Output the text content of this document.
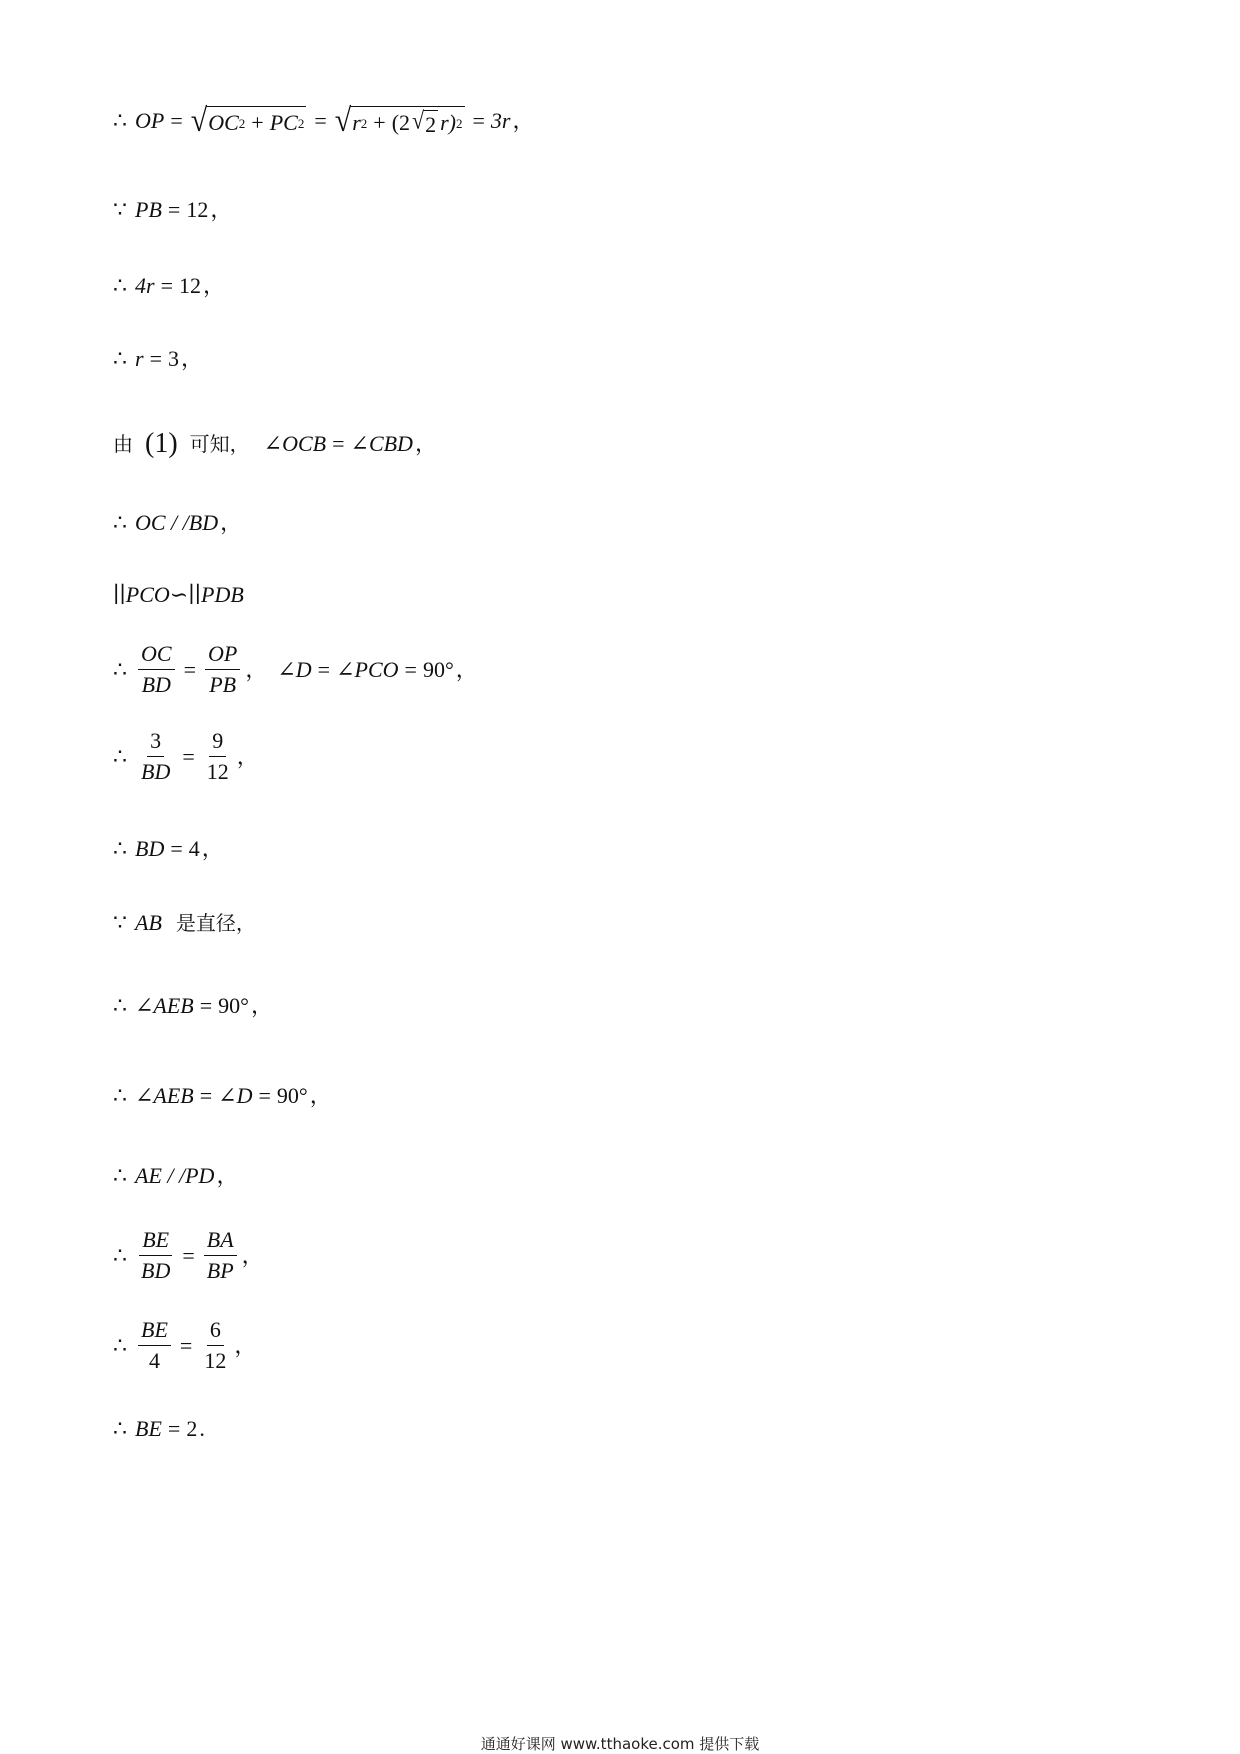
∴ OP = √ OC 2 + PC 2 = √ r 2 + (2 √ 2 r) 2 = 3r ，
∵ PB = 12 ，
∴ 4r = 12 ，
∴ r = 3 ，
由 (1) 可知， ∠OCB = ∠CBD ，
∴ OC / /BD ，
∣∣PCO∽∣∣PDB
∴ $\frac{OC}{BD} = \frac{OP}{PB}$ ， ∠D = ∠PCO = 90° ，
∴ $\frac{3}{BD} = \frac{9}{12}$ ，
∴ BD = 4 ，
∵ AB 是直径，
∴ ∠AEB = 90° ，
∴ ∠AEB = ∠D = 90° ，
∴ AE / /PD ，
∴ $\frac{BE}{BD} = \frac{BA}{BP}$ ，
∴ $\frac{BE}{4} = \frac{6}{12}$ ，
∴ BE = 2 .
通通好课网 www.tthaoke.com 提供下载
